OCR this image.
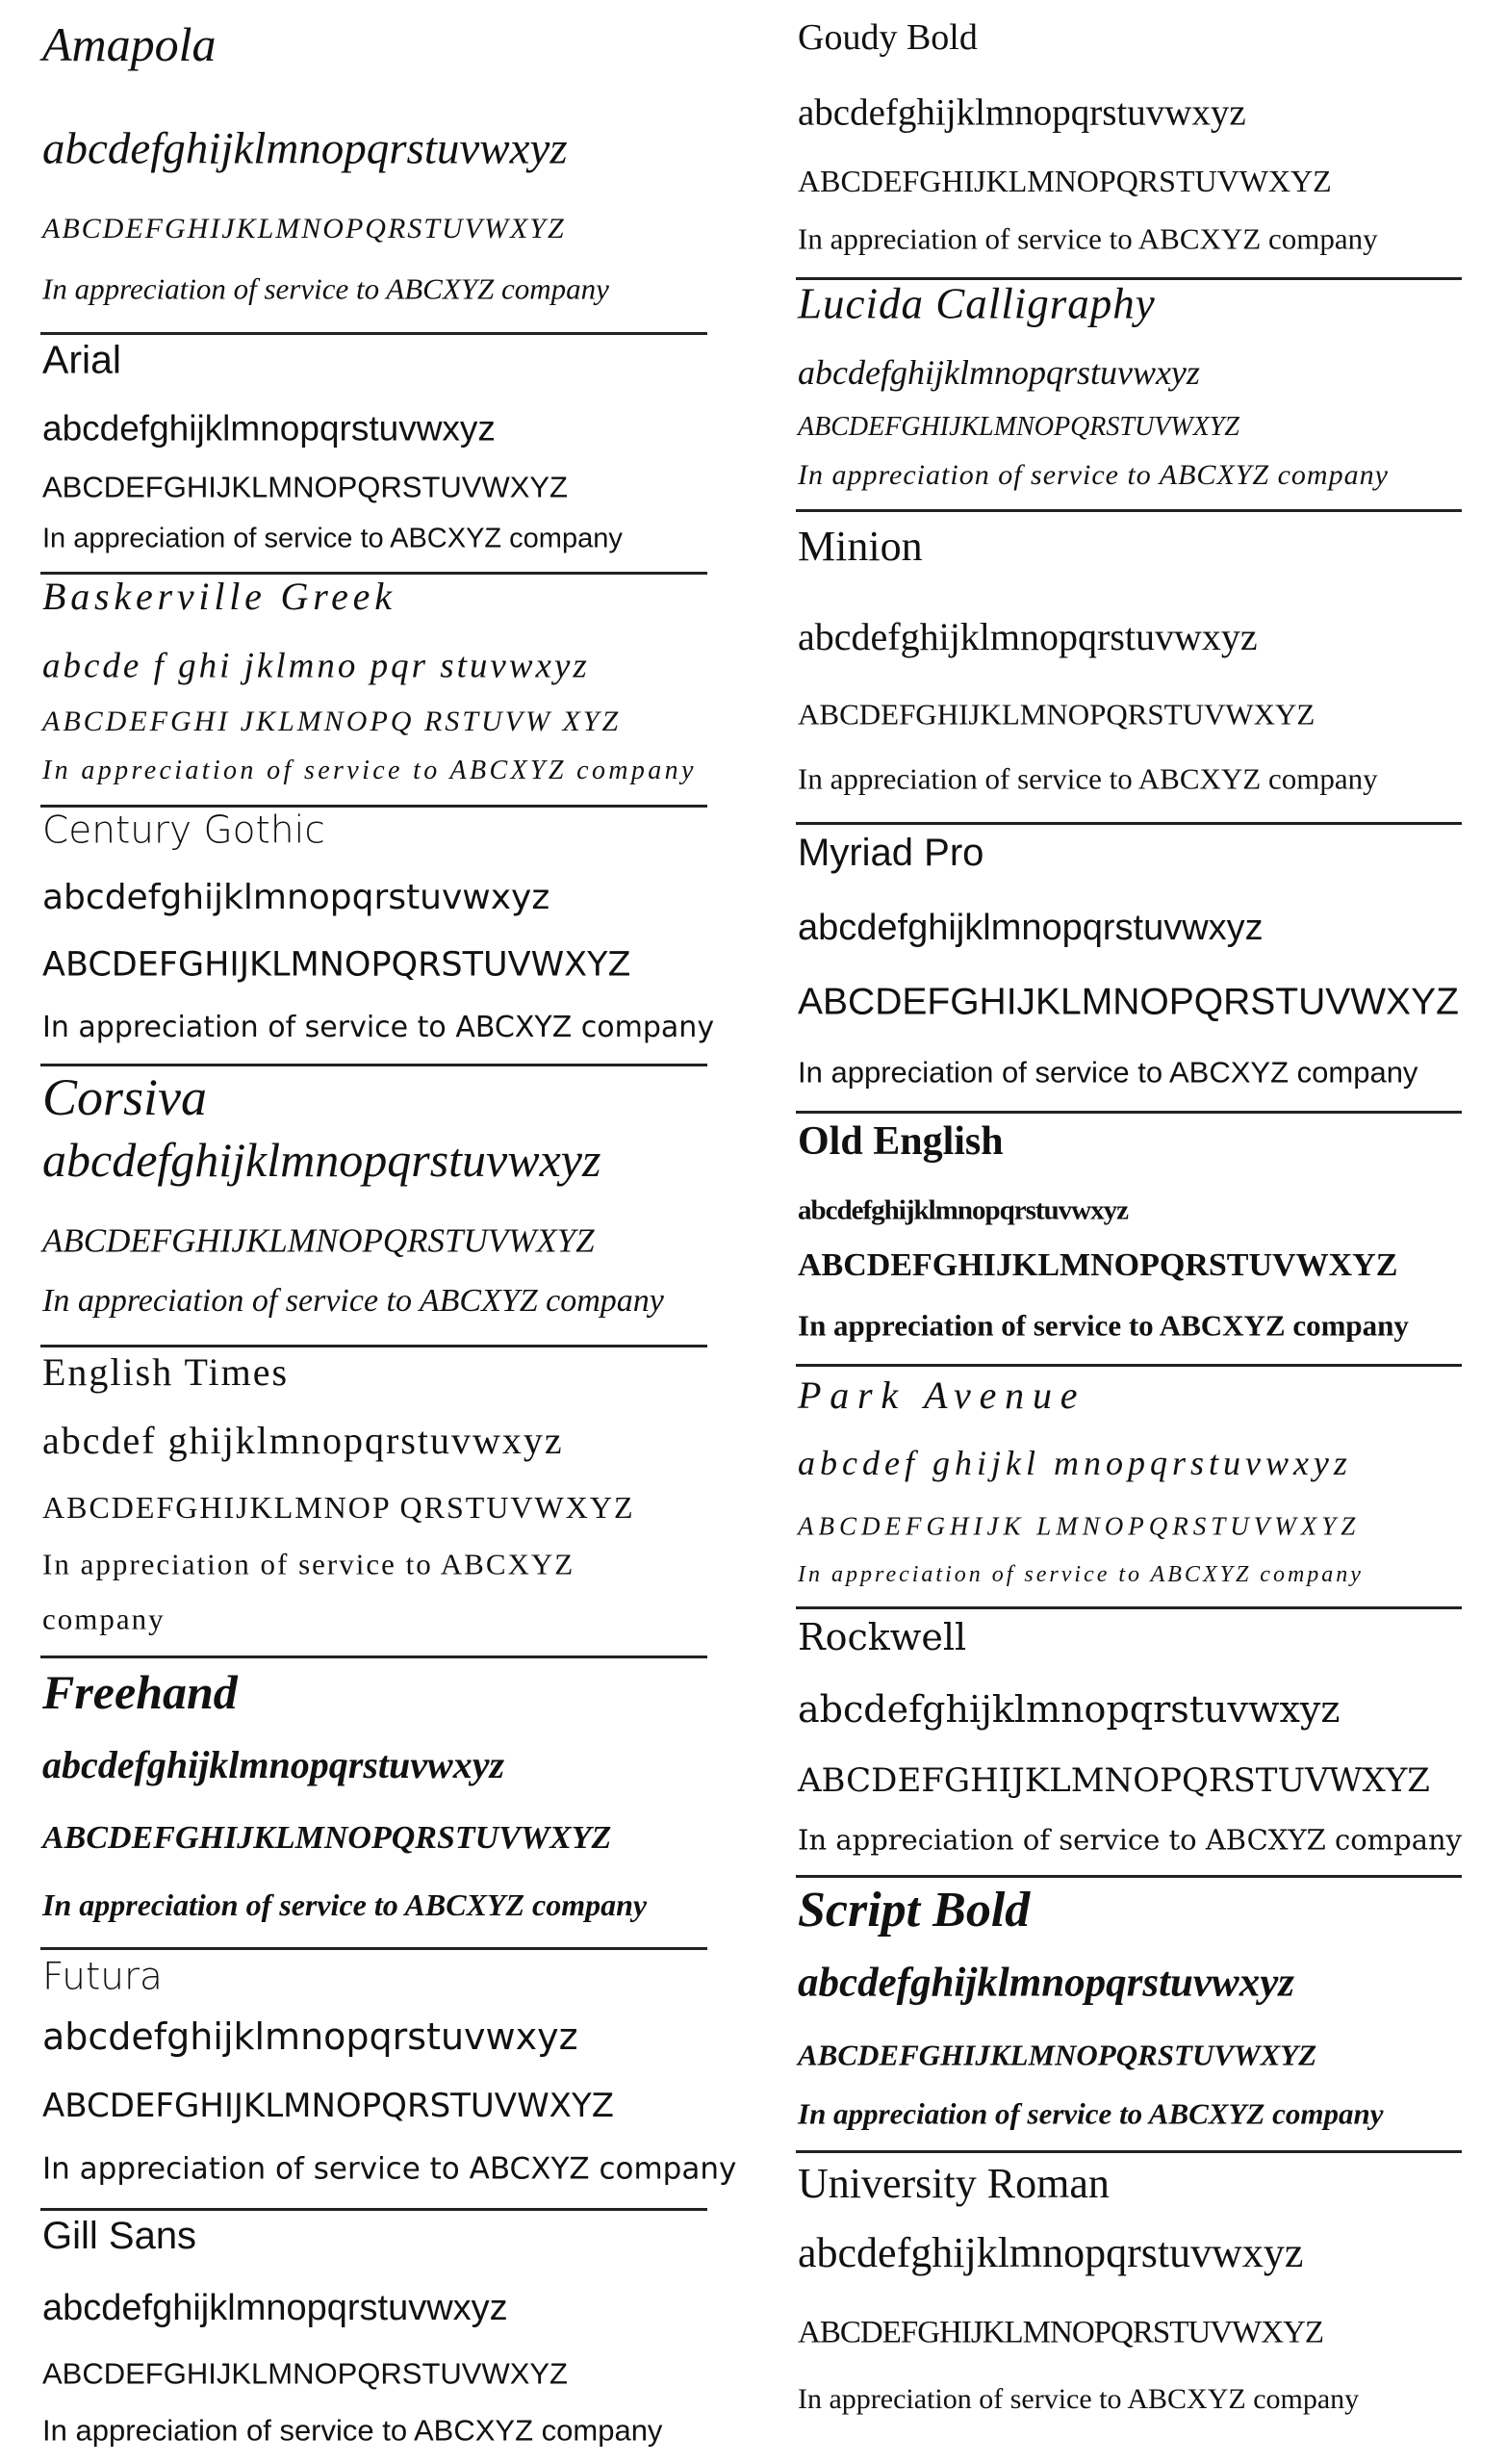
Amapola
abcdefghijklmnopqrstuvwxyz
ABCDEFGHIJKLMNOPQRSTUVWXYZ
In appreciation of service to ABCXYZ company
Arial
abcdefghijklmnopqrstuvwxyz
ABCDEFGHIJKLMNOPQRSTUVWXYZ
In appreciation of service to ABCXYZ company
Baskerville Greek
abcde f ghi jklmno pqr stuvwxyz
ABCDEFGHI JKLMNOPQ RSTUVW XYZ
In appreciation of service to ABCXYZ company
Century Gothic
abcdefghijklmnopqrstuvwxyz
ABCDEFGHIJKLMNOPQRSTUVWXYZ
In appreciation of service to ABCXYZ company
Corsiva
abcdefghijklmnopqrstuvwxyz
ABCDEFGHIJKLMNOPQRSTUVWXYZ
In appreciation of service to ABCXYZ company
English Times
abcdef ghijklmnopqrstuvwxyz
ABCDEFGHIJKLMNOP QRSTUVWXYZ
In appreciation of service to ABCXYZ
company
Freehand
abcdefghijklmnopqrstuvwxyz
ABCDEFGHIJKLMNOPQRSTUVWXYZ
In appreciation of service to ABCXYZ company
Futura
abcdefghijklmnopqrstuvwxyz
ABCDEFGHIJKLMNOPQRSTUVWXYZ
In appreciation of service to ABCXYZ company
Gill Sans
abcdefghijklmnopqrstuvwxyz
ABCDEFGHIJKLMNOPQRSTUVWXYZ
In appreciation of service to ABCXYZ company
Goudy Bold
abcdefghijklmnopqrstuvwxyz
ABCDEFGHIJKLMNOPQRSTUVWXYZ
In appreciation of service to ABCXYZ company
Lucida Calligraphy
abcdefghijklmnopqrstuvwxyz
ABCDEFGHIJKLMNOPQRSTUVWXYZ
In appreciation of service to ABCXYZ company
Minion
abcdefghijklmnopqrstuvwxyz
ABCDEFGHIJKLMNOPQRSTUVWXYZ
In appreciation of service to ABCXYZ company
Myriad Pro
abcdefghijklmnopqrstuvwxyz
ABCDEFGHIJKLMNOPQRSTUVWXYZ
In appreciation of service to ABCXYZ company
Old English
abcdefghijklmnopqrstuvwxyz
ABCDEFGHIJKLMNOPQRSTUVWXYZ
In appreciation of service to ABCXYZ company
Park Avenue
abcdef ghijkl mnopqrstuvwxyz
ABCDEFGHIJK LMNOPQRSTUVWXYZ
In appreciation of service to ABCXYZ company
Rockwell
abcdefghijklmnopqrstuvwxyz
ABCDEFGHIJKLMNOPQRSTUVWXYZ
In appreciation of service to ABCXYZ company
Script Bold
abcdefghijklmnopqrstuvwxyz
ABCDEFGHIJKLMNOPQRSTUVWXYZ
In appreciation of service to ABCXYZ company
University Roman
abcdefghijklmnopqrstuvwxyz
ABCDEFGHIJKLMNOPQRSTUVWXYZ
In appreciation of service to ABCXYZ company
